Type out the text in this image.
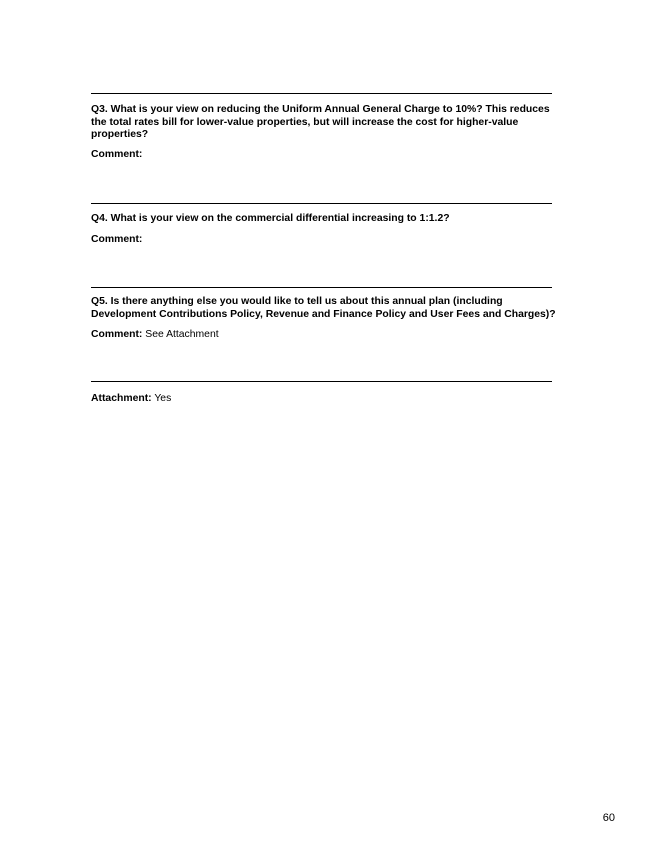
Q3. What is your view on reducing the Uniform Annual General Charge to 10%? This reduces the total rates bill for lower-value properties, but will increase the cost for higher-value properties?
Comment:
Q4. What is your view on the commercial differential increasing to 1:1.2?
Comment:
Q5. Is there anything else you would like to tell us about this annual plan (including Development Contributions Policy, Revenue and Finance Policy and User Fees and Charges)?
Comment: See Attachment
Attachment: Yes
60
